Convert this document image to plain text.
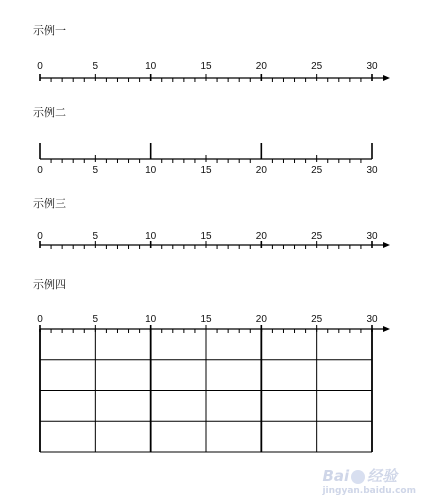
示例一
示例二
示例三
示例四
0	5	10	15	20	25	30
0	5	10	15	20	25	30
0	5	10	15	20	25	30
0	5	10	15	20	25	30
Bai 经验
jingyan.baidu.com
